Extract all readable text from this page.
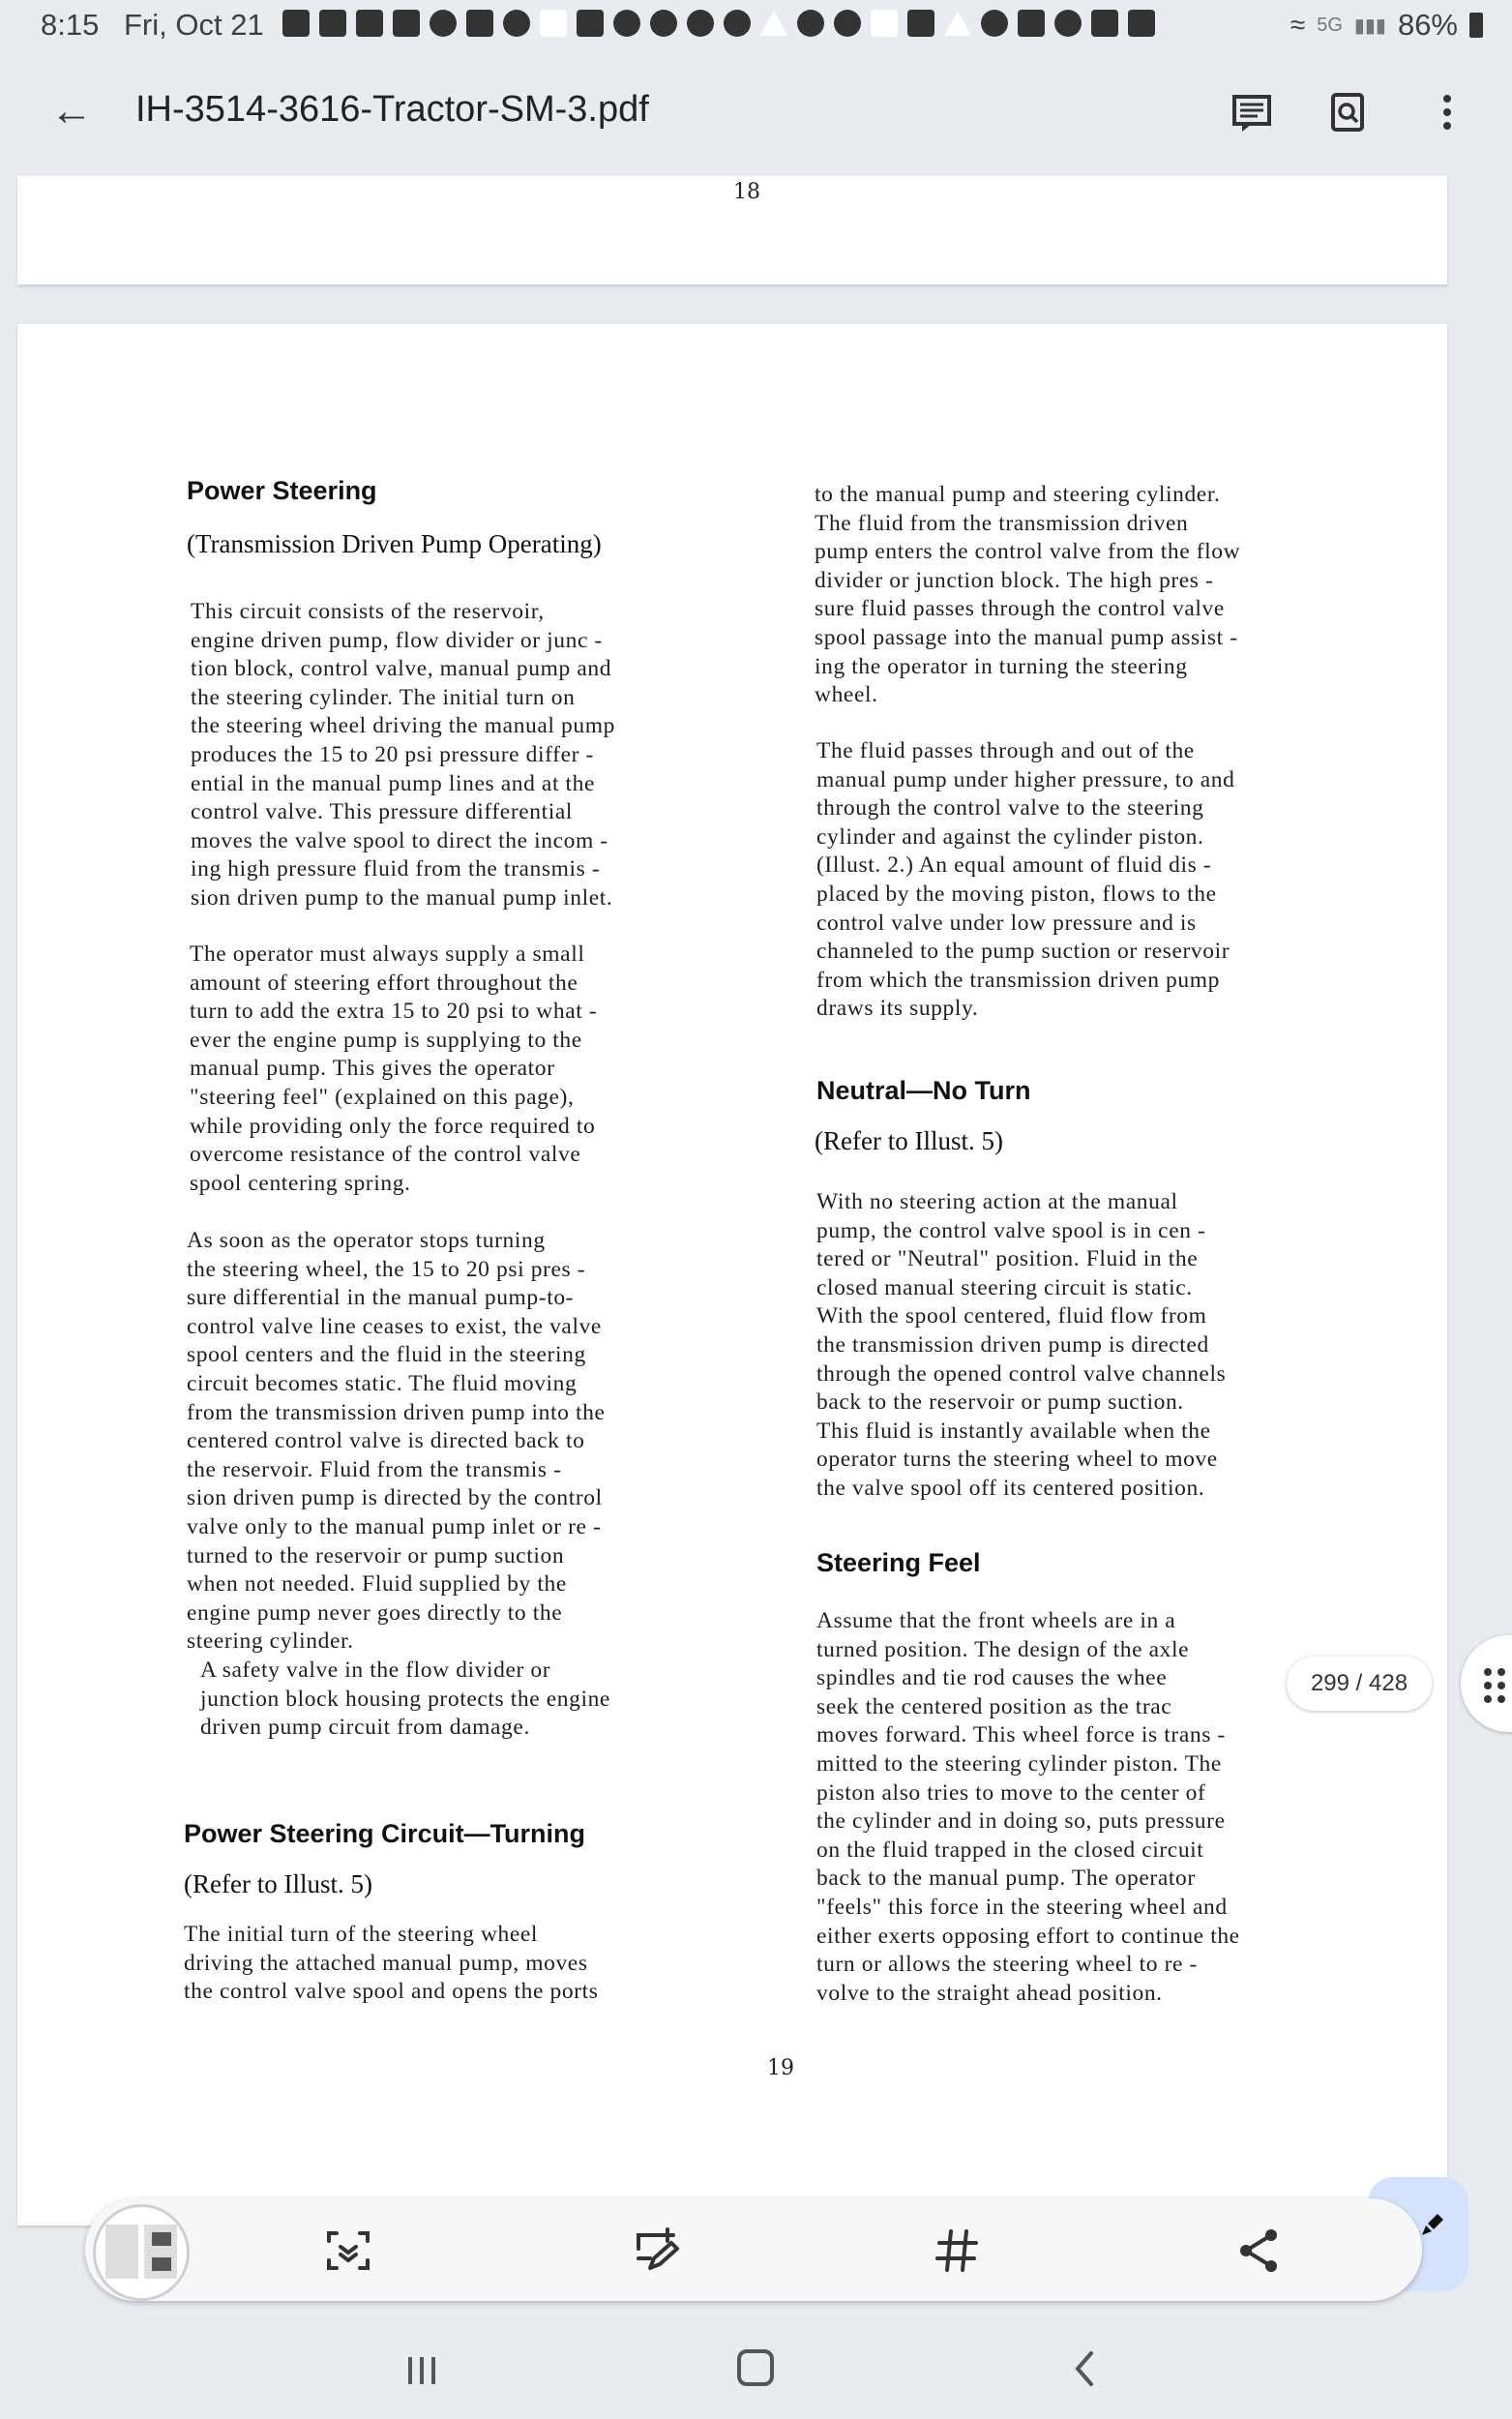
8:15 Fri, Oct 21	≈ 5G ▮▮▮ 86%
← IH-3514-3616-Tractor-SM-3.pdf
18
Power Steering
(Transmission Driven Pump Operating)
This circuit consists of the reservoir,
engine driven pump, flow divider or junc -
tion block, control valve, manual pump and
the steering cylinder. The initial turn on
the steering wheel driving the manual pump
produces the 15 to 20 psi pressure differ -
ential in the manual pump lines and at the
control valve. This pressure differential
moves the valve spool to direct the incom -
ing high pressure fluid from the transmis -
sion driven pump to the manual pump inlet.
The operator must always supply a small
amount of steering effort throughout the
turn to add the extra 15 to 20 psi to what -
ever the engine pump is supplying to the
manual pump. This gives the operator
"steering feel" (explained on this page),
while providing only the force required to
overcome resistance of the control valve
spool centering spring.
As soon as the operator stops turning
the steering wheel, the 15 to 20 psi pres -
sure differential in the manual pump-to-
control valve line ceases to exist, the valve
spool centers and the fluid in the steering
circuit becomes static. The fluid moving
from the transmission driven pump into the
centered control valve is directed back to
the reservoir. Fluid from the transmis -
sion driven pump is directed by the control
valve only to the manual pump inlet or re -
turned to the reservoir or pump suction
when not needed. Fluid supplied by the
engine pump never goes directly to the
steering cylinder.
A safety valve in the flow divider or
junction block housing protects the engine
driven pump circuit from damage.
Power Steering Circuit—Turning
(Refer to Illust. 5)
The initial turn of the steering wheel
driving the attached manual pump, moves
the control valve spool and opens the ports
to the manual pump and steering cylinder.
The fluid from the transmission driven
pump enters the control valve from the flow
divider or junction block. The high pres -
sure fluid passes through the control valve
spool passage into the manual pump assist -
ing the operator in turning the steering
wheel.
The fluid passes through and out of the
manual pump under higher pressure, to and
through the control valve to the steering
cylinder and against the cylinder piston.
(Illust. 2.) An equal amount of fluid dis -
placed by the moving piston, flows to the
control valve under low pressure and is
channeled to the pump suction or reservoir
from which the transmission driven pump
draws its supply.
Neutral—No Turn
(Refer to Illust. 5)
With no steering action at the manual
pump, the control valve spool is in cen -
tered or "Neutral" position. Fluid in the
closed manual steering circuit is static.
With the spool centered, fluid flow from
the transmission driven pump is directed
through the opened control valve channels
back to the reservoir or pump suction.
This fluid is instantly available when the
operator turns the steering wheel to move
the valve spool off its centered position.
Steering Feel
Assume that the front wheels are in a
turned position. The design of the axle
spindles and tie rod causes the whee
seek the centered position as the trac
moves forward. This wheel force is trans -
mitted to the steering cylinder piston. The
piston also tries to move to the center of
the cylinder and in doing so, puts pressure
on the fluid trapped in the closed circuit
back to the manual pump. The operator
"feels" this force in the steering wheel and
either exerts opposing effort to continue the
turn or allows the steering wheel to re -
volve to the straight ahead position.
19
299 / 428
